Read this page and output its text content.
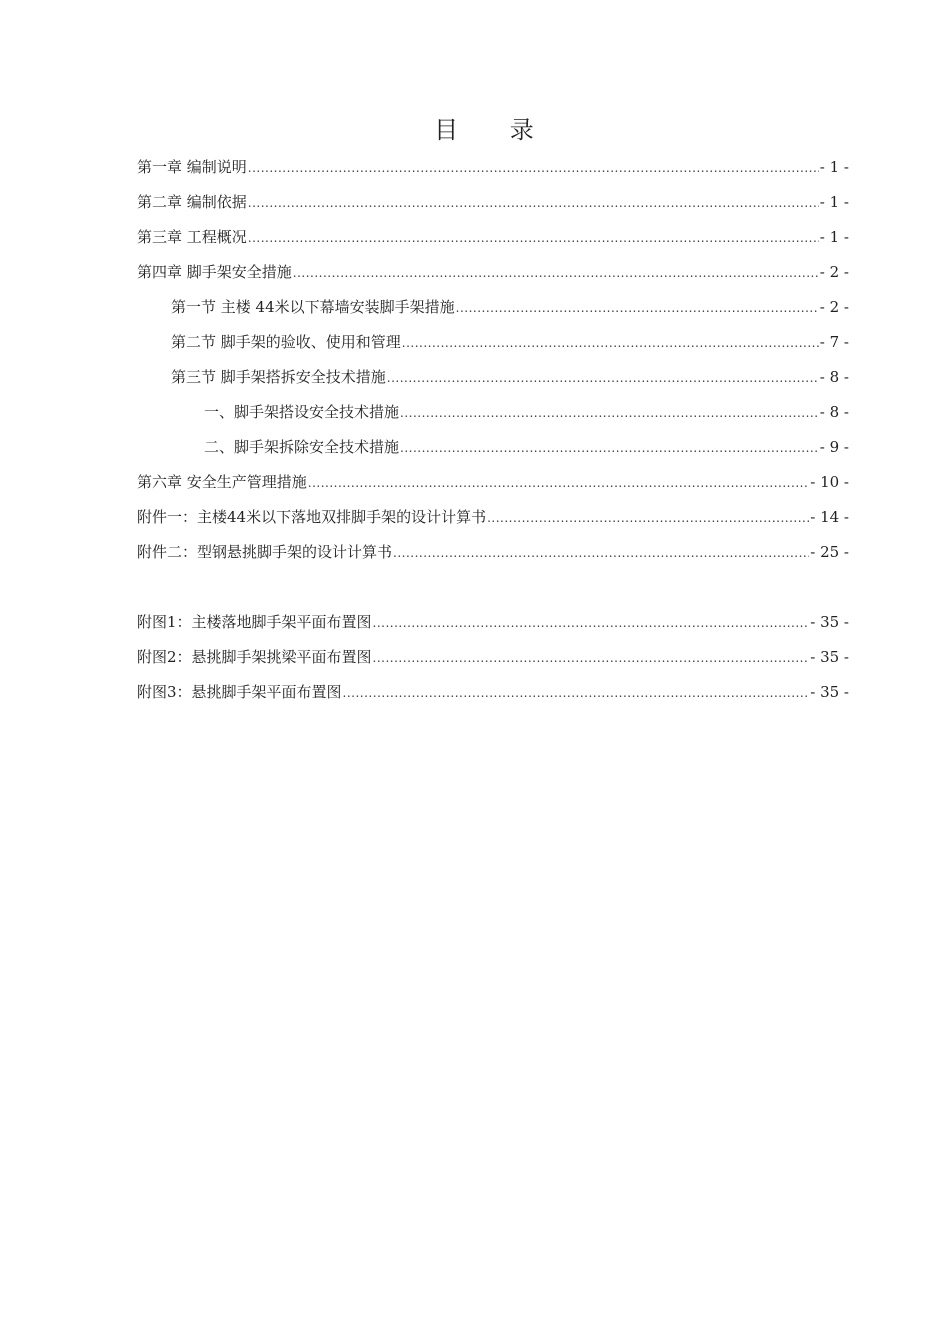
目 录
第一章 编制说明 .....	- 1 -
第二章 编制依据 .....	- 1 -
第三章 工程概况 .....	- 1 -
第四章 脚手架安全措施 .....	- 2 -
第一节 主楼 44米以下幕墙安装脚手架措施 .....	- 2 -
第二节 脚手架的验收、使用和管理 .....	- 7 -
第三节 脚手架搭拆安全技术措施 .....	- 8 -
一、脚手架搭设安全技术措施 .....	- 8 -
二、脚手架拆除安全技术措施 .....	- 9 -
第六章 安全生产管理措施 .....	- 10 -
附件一：主楼44米以下落地双排脚手架的设计计算书 .....	- 14 -
附件二：型钢悬挑脚手架的设计计算书 .....	- 25 -
附图1：主楼落地脚手架平面布置图 .....	- 35 -
附图2：悬挑脚手架挑梁平面布置图 .....	- 35 -
附图3：悬挑脚手架平面布置图 .....	- 35 -
